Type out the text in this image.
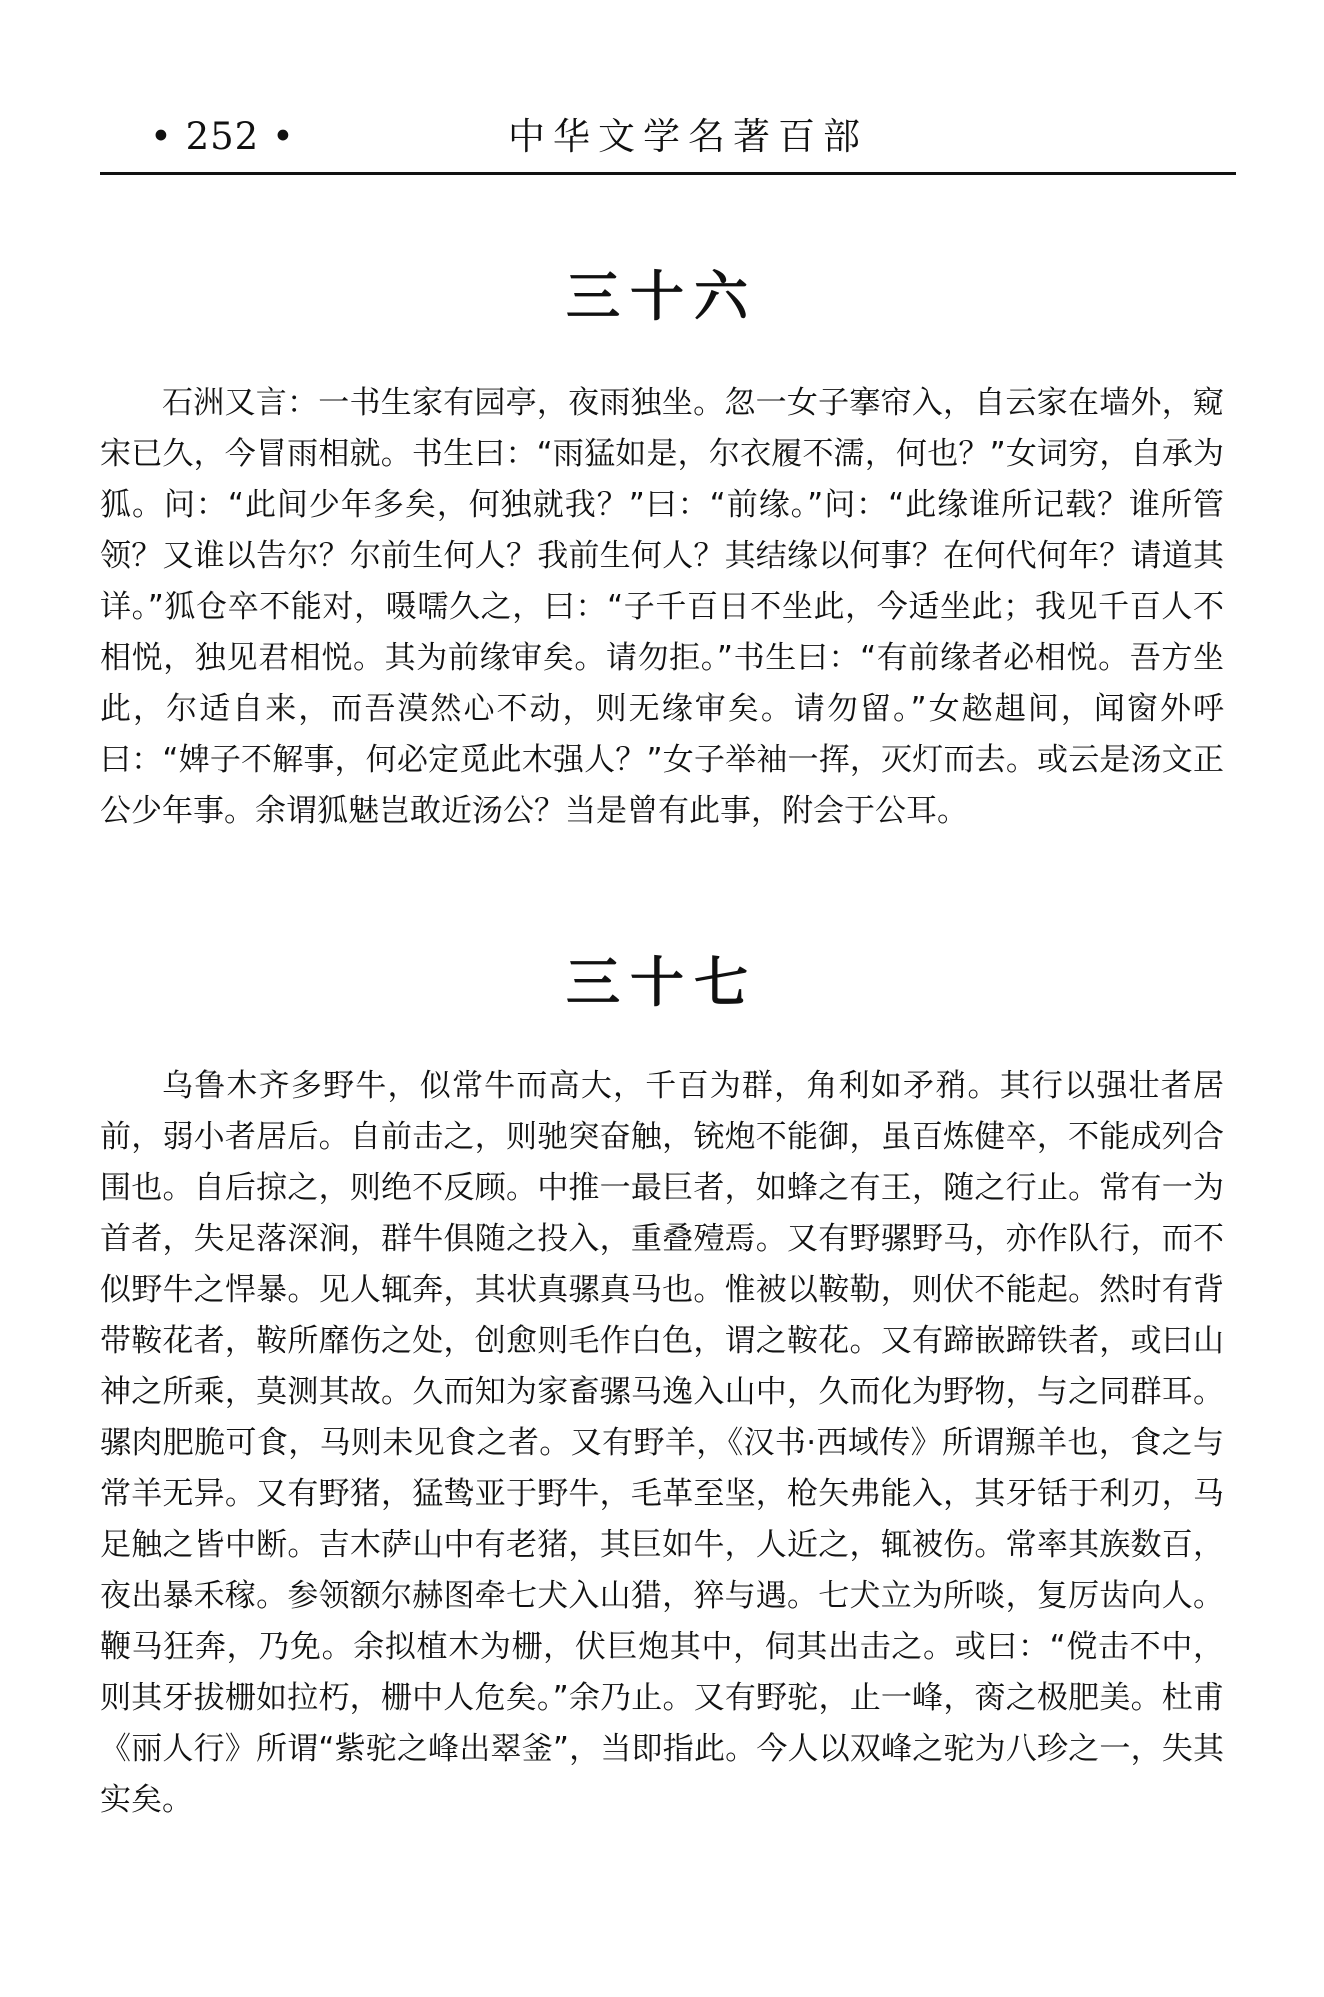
• 252 •	中华文学名著百部
三十六
石洲又言：一书生家有园亭，夜雨独坐。忽一女子搴帘入，自云家在墙外，窥宋已久，今冒雨相就。书生曰：“雨猛如是，尔衣履不濡，何也？”女词穷，自承为狐。问：“此间少年多矣，何独就我？”曰：“前缘。”问：“此缘谁所记载？谁所管领？又谁以告尔？尔前生何人？我前生何人？其结缘以何事？在何代何年？请道其详。”狐仓卒不能对，嗫嚅久之，曰：“子千百日不坐此，今适坐此；我见千百人不相悦，独见君相悦。其为前缘审矣。请勿拒。”书生曰：“有前缘者必相悦。吾方坐此，尔适自来，而吾漠然心不动，则无缘审矣。请勿留。”女趑趄间，闻窗外呼曰：“婢子不解事，何必定觅此木强人？”女子举袖一挥，灭灯而去。或云是汤文正公少年事。余谓狐魅岂敢近汤公？当是曾有此事，附会于公耳。
三十七
乌鲁木齐多野牛，似常牛而高大，千百为群，角利如矛矟。其行以强壮者居前，弱小者居后。自前击之，则驰突奋触，铳炮不能御，虽百炼健卒，不能成列合围也。自后掠之，则绝不反顾。中推一最巨者，如蜂之有王，随之行止。常有一为首者，失足落深涧，群牛俱随之投入，重叠殪焉。又有野骡野马，亦作队行，而不似野牛之悍暴。见人辄奔，其状真骡真马也。惟被以鞍勒，则伏不能起。然时有背带鞍花者，鞍所靡伤之处，创愈则毛作白色，谓之鞍花。又有蹄嵌蹄铁者，或曰山神之所乘，莫测其故。久而知为家畜骡马逸入山中，久而化为野物，与之同群耳。骡肉肥脆可食，马则未见食之者。又有野羊，《汉书·西域传》所谓羱羊也，食之与常羊无异。又有野猪，猛鸷亚于野牛，毛革至坚，枪矢弗能入，其牙铦于利刃，马足触之皆中断。吉木萨山中有老猪，其巨如牛，人近之，辄被伤。常率其族数百，夜出暴禾稼。参领额尔赫图牵七犬入山猎，猝与遇。七犬立为所啖，复厉齿向人。鞭马狂奔，乃免。余拟植木为栅，伏巨炮其中，伺其出击之。或曰：“傥击不中，则其牙拔栅如拉朽，栅中人危矣。”余乃止。又有野驼，止一峰，脔之极肥美。杜甫《丽人行》所谓“紫驼之峰出翠釜”，当即指此。今人以双峰之驼为八珍之一，失其实矣。
